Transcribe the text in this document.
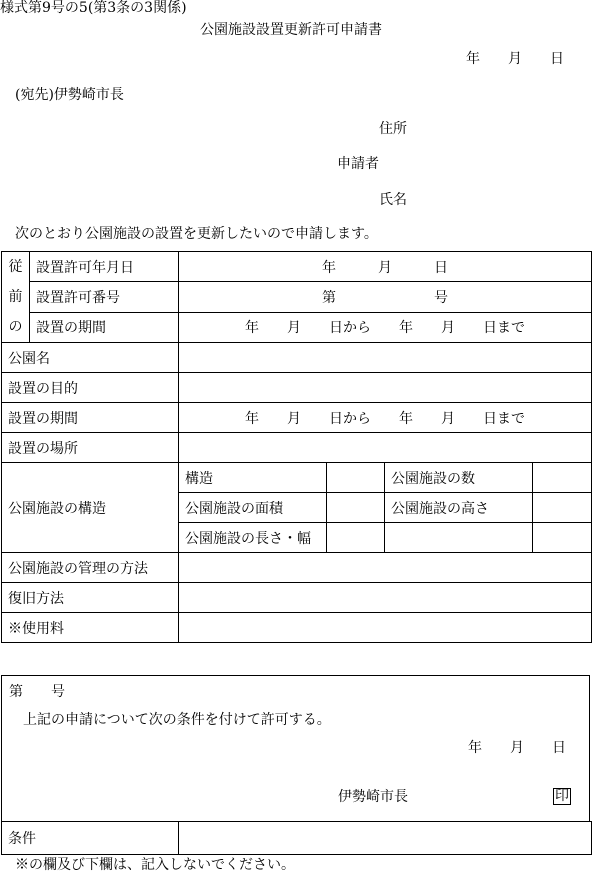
様式第9号の5(第3条の3関係)
公園施設設置更新許可申請書
年　　月　　日
(宛先)伊勢崎市長
住所
申請者
氏名
次のとおり公園施設の設置を更新したいので申請します。
従
前
の	設置許可年月日	年　　　月　　　日			
	設置許可番号	第　　　　　　　号			
	設置の期間	年　　月　　日から　　年　　月　　日まで			
公園名					
設置の目的					
設置の期間		年　　月　　日から　　年　　月　　日まで			
設置の場所					
公園施設の構造		構造		公園施設の数	
		公園施設の面積		公園施設の高さ	
		公園施設の長さ・幅			
公園施設の管理の方法					
復旧方法					
※使用料					
第　　号
上記の申請について次の条件を付けて許可する。
年　　月　　日
伊勢崎市長	印
条件	
※の欄及び下欄は、記入しないでください。
